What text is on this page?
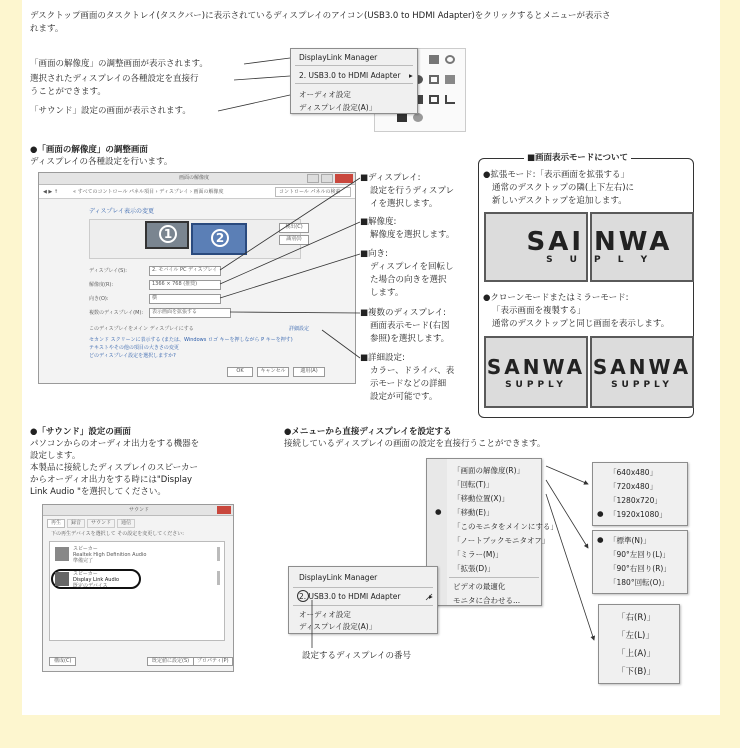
デスクトップ画面のタスクトレイ(タスクバー)に表示されているディスプレイのアイコン(USB3.0 to HDMI Adapter)をクリックするとメニューが表示さ
れます。
「画面の解像度」の調整画面が表示されます。
選択されたディスプレイの各種設定を直接行
うことができます。
「サウンド」設定の画面が表示されます。
DisplayLink Manager
2. USB3.0 to HDMI Adapter ▸
オーディオ設定
ディスプレイ設定(A)」
●「画面の解像度」の調整画面
ディスプレイの各種設定を行います。
画面の解像度
◀ ▶ ↑	« すべてのコントロール パネル項目 › ディスプレイ › 画面の解像度	コントロール パネルの検索
ディスプレイ表示の変更
1	2
検出(C)
識別(I)
ディスプレイ(S):	2. モバイル PC ディスプレイ
解像度(R):	1366 × 768 (推奨)
向き(O):	横
複数のディスプレイ(M):	表示画面を拡張する
このディスプレイをメイン ディスプレイにする	詳細設定
セカンド スクリーンに表示する (または、Windows ロゴ キーを押しながら P キーを押す)
テキストやその他の項目の大きさの変更
どのディスプレイ設定を選択しますか?
OK	キャンセル	適用(A)
■ディスプレイ:
設定を行うディスプレ
イを選択します。
■解像度:
解像度を選択します。
■向き:
ディスプレイを回転し
た場合の向きを選択
します。
■複数のディスプレイ:
画面表示モード(右図
参照)を選択します。
■詳細設定:
カラー、ドライバ、表
示モードなどの詳細
設定が可能です。
■画面表示モードについて
●拡張モード:「表示画面を拡張する」
通常のデスクトップの隣(上下左右)に
新しいデスクトップを追加します。
SAI
S U
NWA
P L Y
●クローンモードまたはミラーモード:
「表示画面を複製する」
通常のデスクトップと同じ画面を表示します。
SANWA
SUPPLY
SANWA
SUPPLY
●「サウンド」設定の画面
パソコンからのオーディオ出力をする機器を
設定します。
本製品に接続したディスプレイのスピーカー
からオーディオ出力をする時には"Display
Link Audio "を選択してください。
サウンド
再生	録音	サウンド	通信
下の再生デバイスを選択して その設定を変更してください:
スピーカー
Realtek High Definition Audio
準備完了
スピーカー
Display Link Audio
既定のデバイス
構成(C)	既定値に設定(S)	プロパティ(P)
●メニューから直接ディスプレイを設定する
接続しているディスプレイの画面の設定を直接行うことができます。
「画面の解像度(R)」
「回転(T)」
「移動位置(X)」
● 「移動(E)」
「このモニタをメインにする」
「ノートブックモニタオフ」
「ミラー(M)」
「拡張(D)」
ビデオの最適化
モニタに合わせる...
DisplayLink Manager
2. USB3.0 to HDMI Adapter	▸
オーディオ設定
ディスプレイ設定(A)」
設定するディスプレイの番号
「640x480」
「720x480」
「1280x720」
● 「1920x1080」
● 「標準(N)」
「90°左回り(L)」
「90°右回り(R)」
「180°回転(O)」
「右(R)」
「左(L)」
「上(A)」
「下(B)」
